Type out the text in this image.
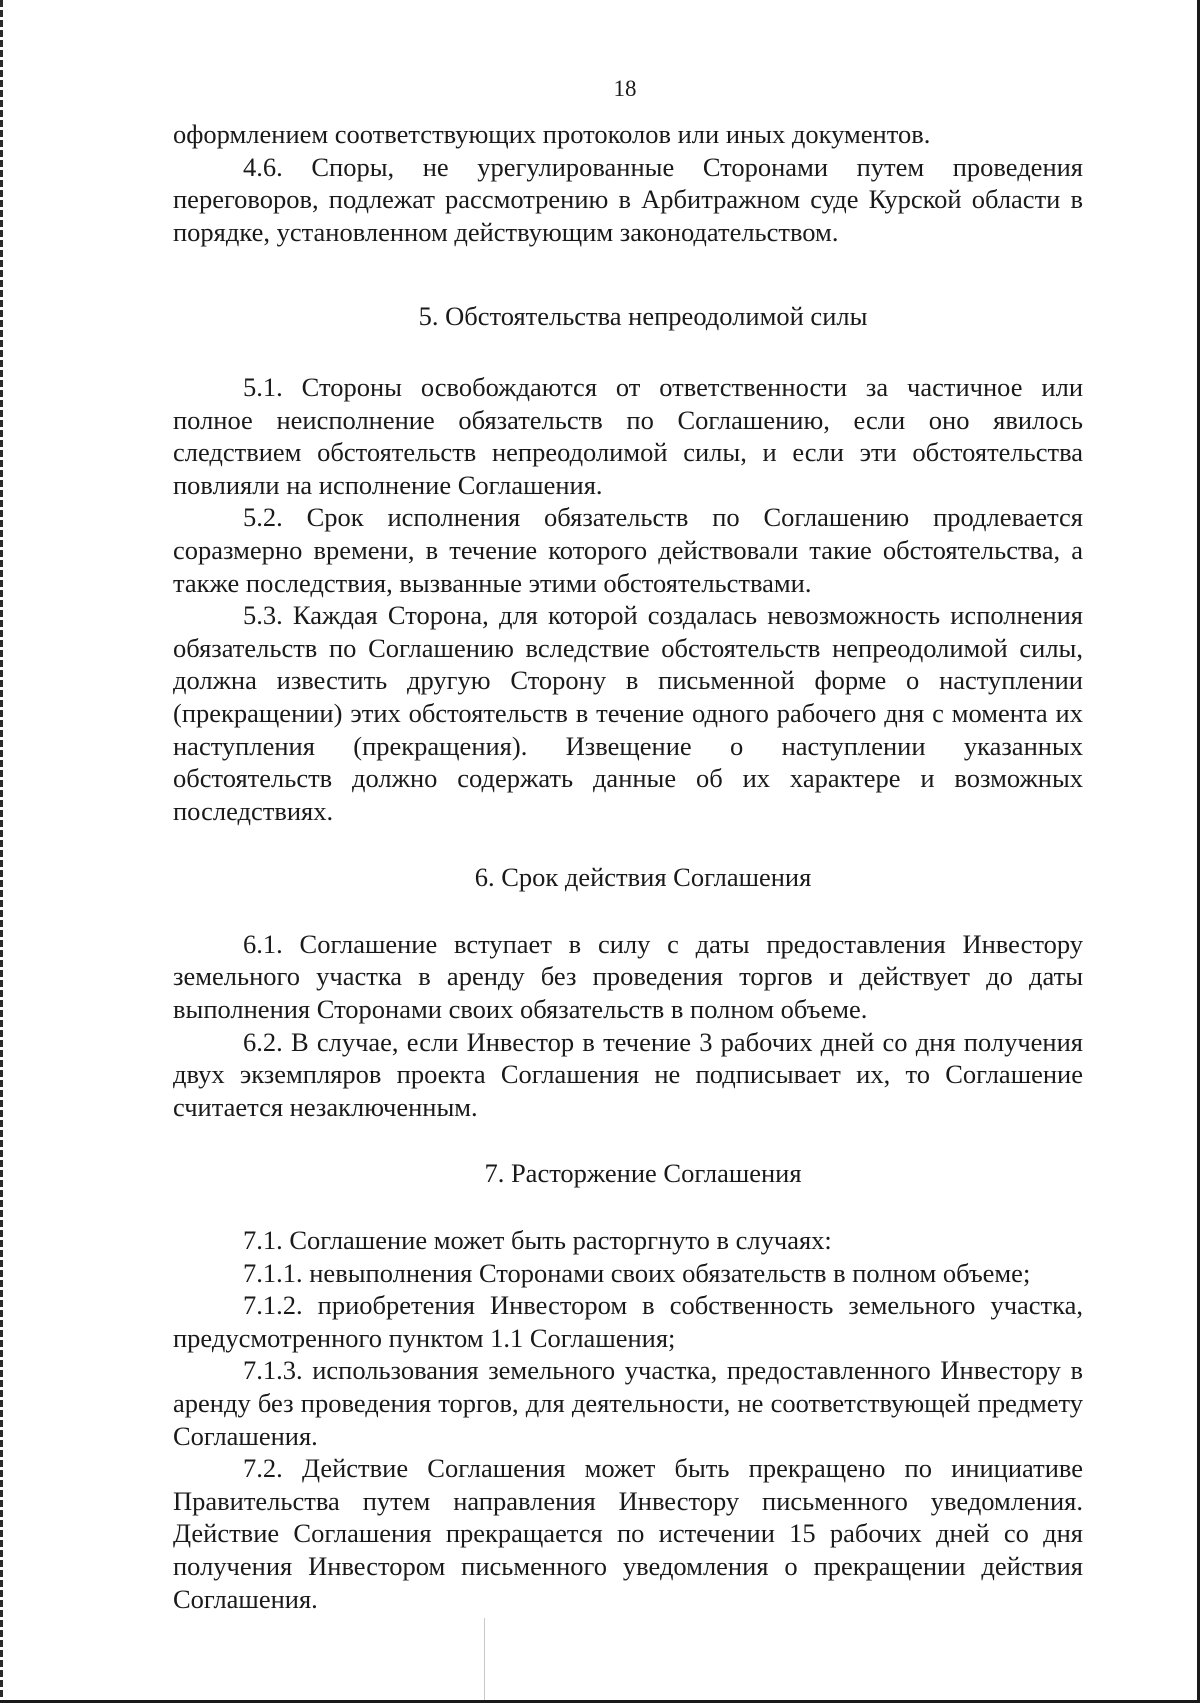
18

оформлением соответствующих протоколов или иных документов.

4.6. Споры, не урегулированные Сторонами путем проведения переговоров, подлежат рассмотрению в Арбитражном суде Курской области в порядке, установленном действующим законодательством.

5. Обстоятельства непреодолимой силы

5.1. Стороны освобождаются от ответственности за частичное или полное неисполнение обязательств по Соглашению, если оно явилось следствием обстоятельств непреодолимой силы, и если эти обстоятельства повлияли на исполнение Соглашения.

5.2. Срок исполнения обязательств по Соглашению продлевается соразмерно времени, в течение которого действовали такие обстоятельства, а также последствия, вызванные этими обстоятельствами.

5.3. Каждая Сторона, для которой создалась невозможность исполнения обязательств по Соглашению вследствие обстоятельств непреодолимой силы, должна известить другую Сторону в письменной форме о наступлении (прекращении) этих обстоятельств в течение одного рабочего дня с момента их наступления (прекращения). Извещение о наступлении указанных обстоятельств должно содержать данные об их характере и возможных последствиях.

6. Срок действия Соглашения

6.1. Соглашение вступает в силу с даты предоставления Инвестору земельного участка в аренду без проведения торгов и действует до даты выполнения Сторонами своих обязательств в полном объеме.

6.2. В случае, если Инвестор в течение 3 рабочих дней со дня получения двух экземпляров проекта Соглашения не подписывает их, то Соглашение считается незаключенным.

7. Расторжение Соглашения

7.1. Соглашение может быть расторгнуто в случаях:

7.1.1. невыполнения Сторонами своих обязательств в полном объеме;

7.1.2. приобретения Инвестором в собственность земельного участка, предусмотренного пунктом 1.1 Соглашения;

7.1.3. использования земельного участка, предоставленного Инвестору в аренду без проведения торгов, для деятельности, не соответствующей предмету Соглашения.

7.2. Действие Соглашения может быть прекращено по инициативе Правительства путем направления Инвестору письменного уведомления. Действие Соглашения прекращается по истечении 15 рабочих дней со дня получения Инвестором письменного уведомления о прекращении действия Соглашения.
